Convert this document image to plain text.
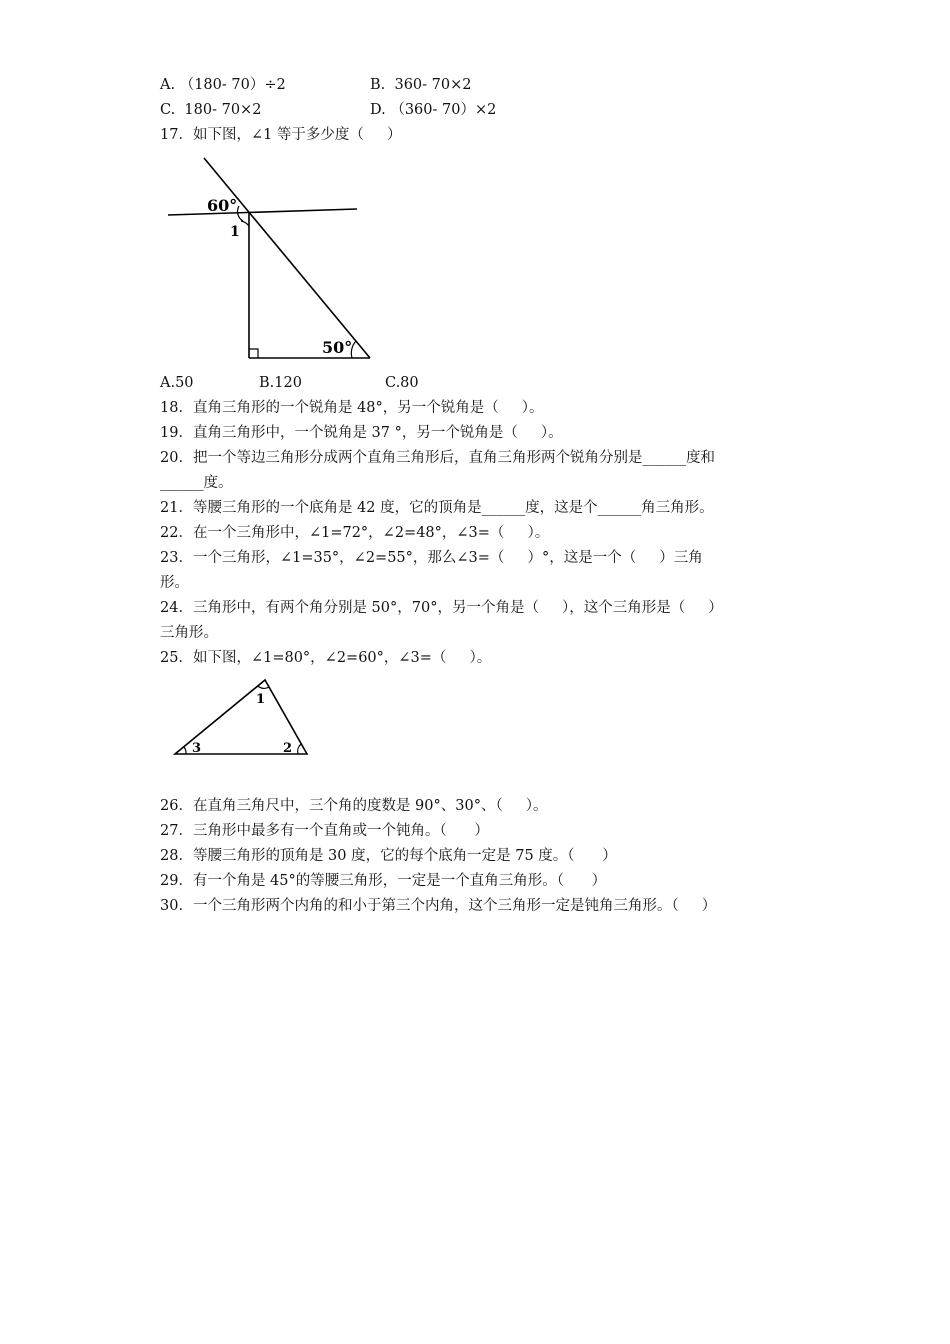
A. （180- 70）÷2	B.  360- 70×2
C.  180- 70×2	D. （360- 70）×2
17．如下图，∠1 等于多少度（     ）
60°
1
50°
A.50	B.120	C.80
18．直角三角形的一个锐角是 48°，另一个锐角是（     ）。
19．直角三角形中，一个锐角是 37 °，另一个锐角是（     ）。
20．把一个等边三角形分成两个直角三角形后，直角三角形两个锐角分别是______度和
______度。
21．等腰三角形的一个底角是 42 度，它的顶角是______度，这是个______角三角形。
22．在一个三角形中，∠1=72°，∠2=48°，∠3=（     ）。
23．一个三角形，∠1=35°，∠2=55°，那么∠3=（     ）°，这是一个（     ）三角
形。
24．三角形中，有两个角分别是 50°，70°，另一个角是（     ），这个三角形是（     ）
三角形。
25．如下图，∠1=80°，∠2=60°，∠3=（     ）。
1
2
3
26．在直角三角尺中，三个角的度数是 90°、30°、（     ）。
27．三角形中最多有一个直角或一个钝角。（      ）
28．等腰三角形的顶角是 30 度，它的每个底角一定是 75 度。（      ）
29．有一个角是 45°的等腰三角形，一定是一个直角三角形。（      ）
30．一个三角形两个内角的和小于第三个内角，这个三角形一定是钝角三角形。（     ）
